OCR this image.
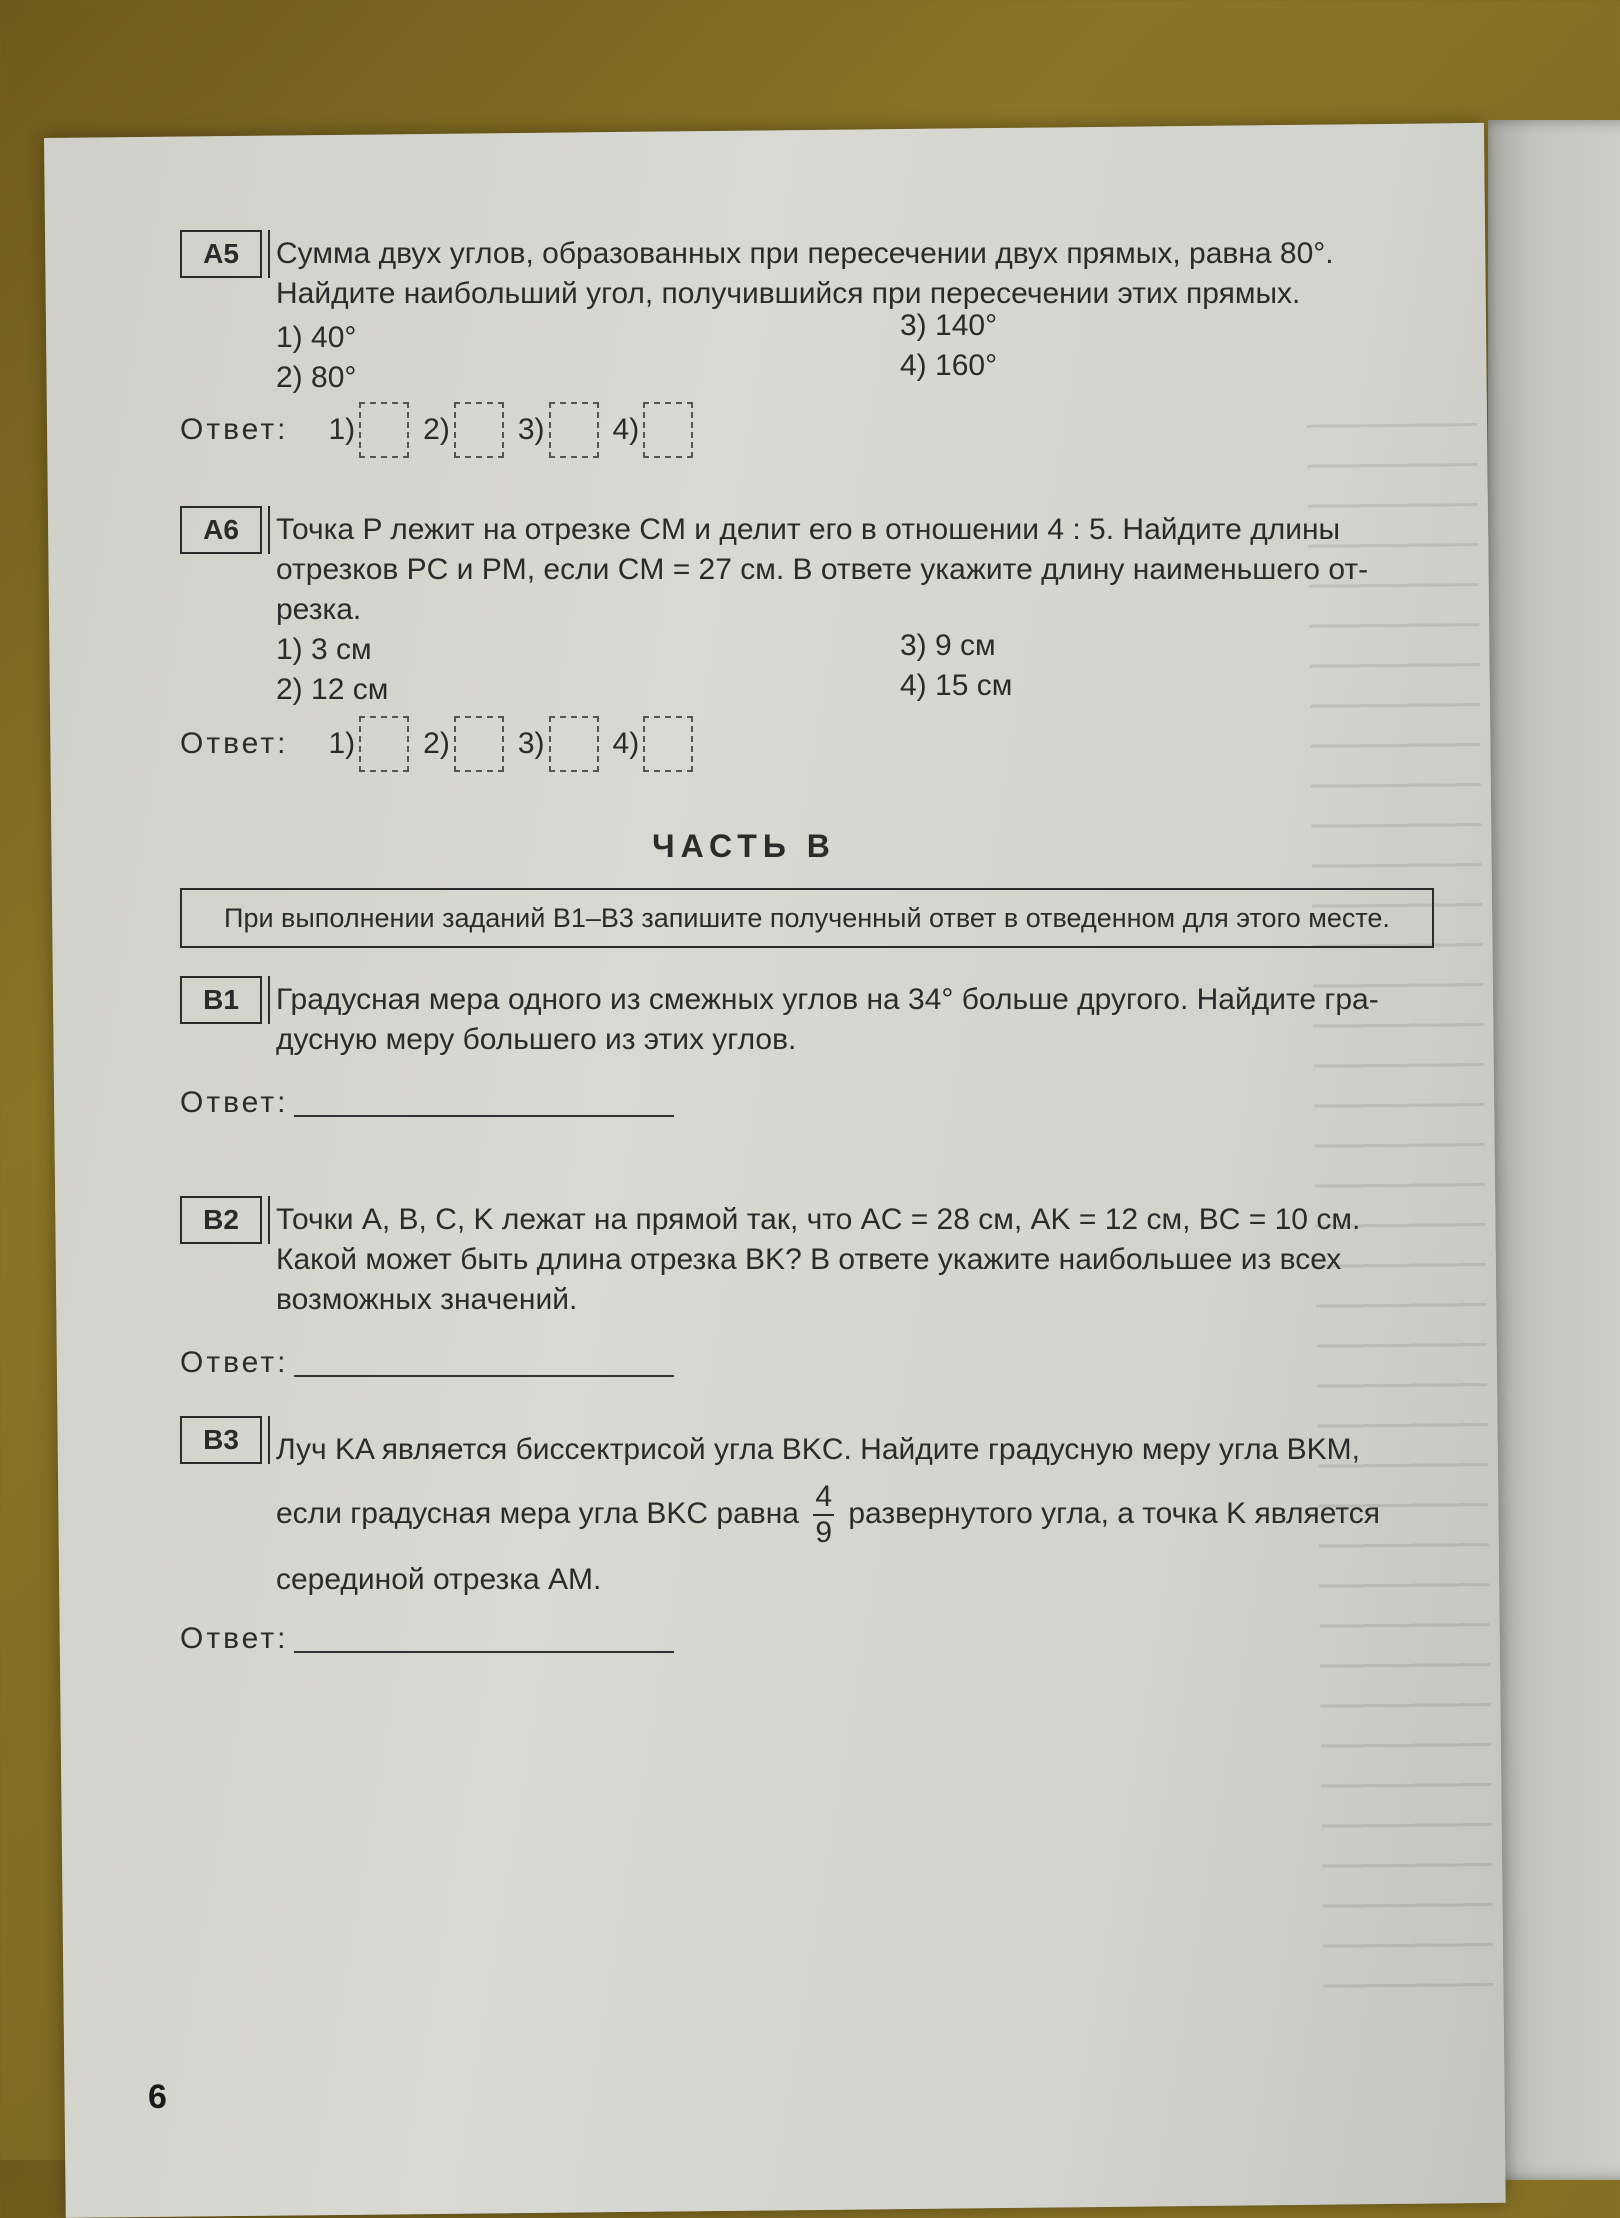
А5	Сумма двух углов, образованных при пересечении двух прямых, равна 80°.
Найдите наибольший угол, получившийся при пересечении этих прямых.
1) 40°
2) 80°
3) 140°
4) 160°
Ответ: 1) 2) 3) 4)
А6	Точка P лежит на отрезке CM и делит его в отношении 4 : 5. Найдите длины
отрезков PC и PM, если CM = 27 см. В ответе укажите длину наименьшего от-
резка.
1) 3 см
2) 12 см
3) 9 см
4) 15 см
Ответ: 1) 2) 3) 4)
ЧАСТЬ В
При выполнении заданий В1–В3 запишите полученный ответ в отведенном для этого месте.
В1	Градусная мера одного из смежных углов на 34° больше другого. Найдите гра-
дусную меру большего из этих углов.
Ответ:
В2	Точки A, B, C, K лежат на прямой так, что AC = 28 см, AK = 12 см, BC = 10 см.
Какой может быть длина отрезка BK? В ответе укажите наибольшее из всех
возможных значений.
Ответ:
В3	Луч KA является биссектрисой угла BKC. Найдите градусную меру угла BKM,
если градусная мера угла BKC равна $\frac{4}{9}$ развернутого угла, а точка K является
серединой отрезка AM.
Ответ:
6
